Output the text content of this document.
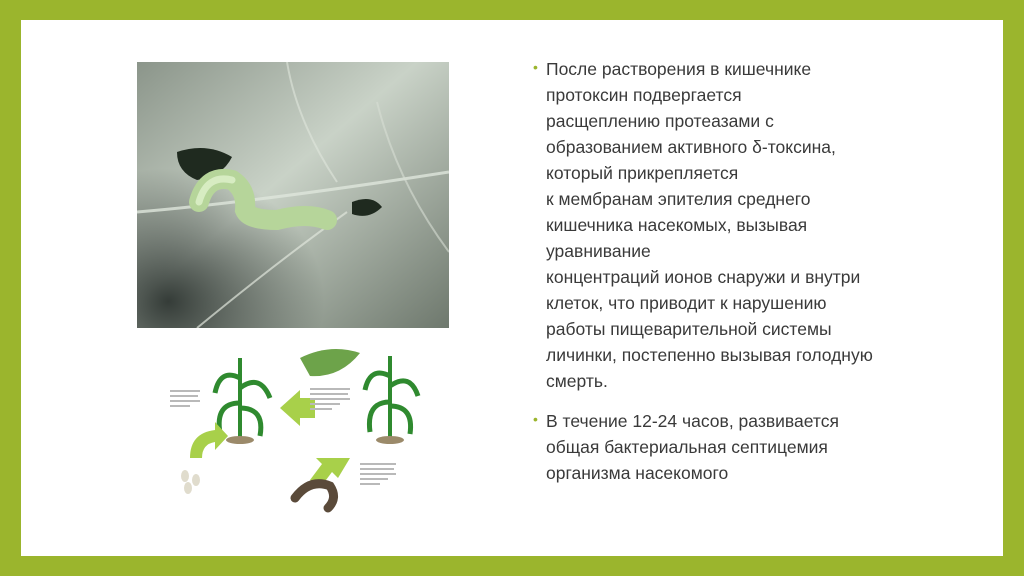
• После растворения в кишечнике
протоксин подвергается
расщеплению протеазами с
образованием активного δ-токсина,
который прикрепляется
к мембранам эпителия среднего
кишечника насекомых, вызывая
уравнивание
концентраций ионов снаружи и внутри
клеток, что приводит к нарушению
работы пищеварительной системы
личинки, постепенно вызывая голодную
смерть.
• В течение 12-24 часов, развивается
общая бактериальная септицемия
организма насекомого
